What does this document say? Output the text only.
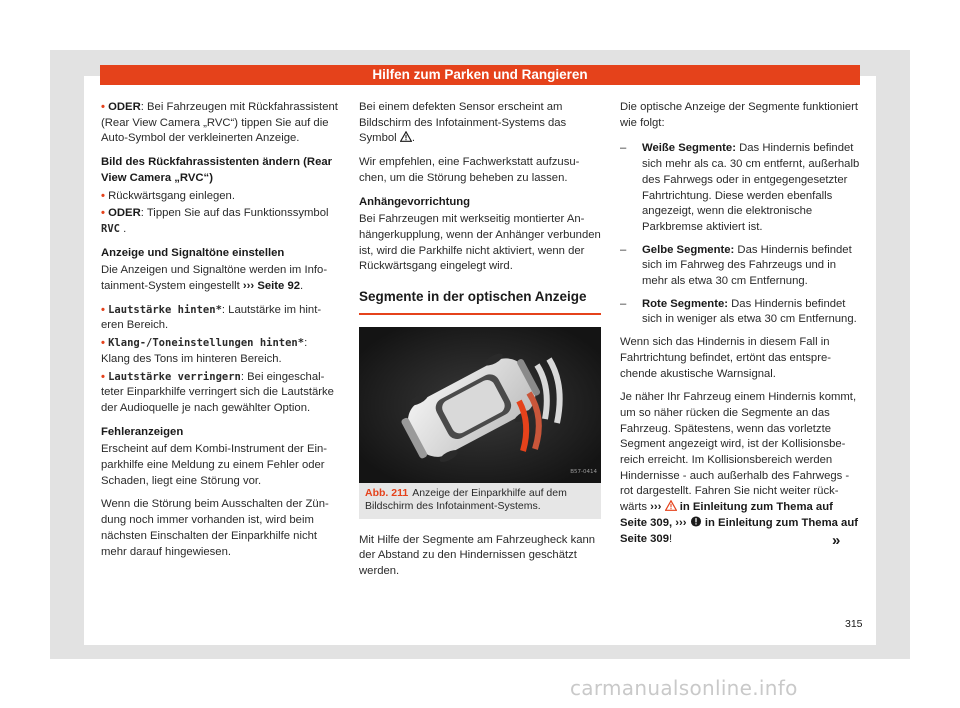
Hilfen zum Parken und Rangieren

• ODER: Bei Fahrzeugen mit Rückfahrassistent (Rear View Camera „RVC“) tippen Sie auf die Auto-Symbol der verkleinerten Anzeige.

Bild des Rückfahrassistenten ändern (Rear View Camera „RVC“)

• Rückwärtsgang einlegen.

• ODER: Tippen Sie auf das Funktionssymbol
RVC .

Anzeige und Signaltöne einstellen

Die Anzeigen und Signaltöne werden im Infotainment-System eingestellt ››› Seite 92.

• Lautstärke hinten*: Lautstärke im hinteren Bereich.

• Klang-/Toneinstellungen hinten*: Klang des Tons im hinteren Bereich.

• Lautstärke verringern: Bei eingeschalteter Einparkhilfe verringert sich die Lautstärke der Audioquelle je nach gewählter Option.

Fehleranzeigen

Erscheint auf dem Kombi-Instrument der Einparkhilfe eine Meldung zu einem Fehler oder Schaden, liegt eine Störung vor.

Wenn die Störung beim Ausschalten der Zündung noch immer vorhanden ist, wird beim nächsten Einschalten der Einparkhilfe nicht mehr darauf hingewiesen.

Bei einem defekten Sensor erscheint am Bildschirm des Infotainment-Systems das Symbol .

Wir empfehlen, eine Fachwerkstatt aufzusuchen, um die Störung beheben zu lassen.

Anhängevorrichtung

Bei Fahrzeugen mit werkseitig montierter Anhängerkupplung, wenn der Anhänger verbunden ist, wird die Parkhilfe nicht aktiviert, wenn der Rückwärtsgang eingelegt wird.

Segmente in der optischen Anzeige
B57-0414
Abb. 211 Anzeige der Einparkhilfe auf dem Bildschirm des Infotainment-Systems.

Mit Hilfe der Segmente am Fahrzeugheck kann der Abstand zu den Hindernissen geschätzt werden.

Die optische Anzeige der Segmente funktioniert wie folgt:

–	Weiße Segmente: Das Hindernis befindet sich mehr als ca. 30 cm entfernt, außerhalb des Fahrwegs oder in entgegengesetzter Fahrtrichtung. Diese werden ebenfalls angezeigt, wenn die elektronische Parkbremse aktiviert ist.
–	Gelbe Segmente: Das Hindernis befindet sich im Fahrweg des Fahrzeugs und in mehr als etwa 30 cm Entfernung.
–	Rote Segmente: Das Hindernis befindet sich in weniger als etwa 30 cm Entfernung.

Wenn sich das Hindernis in diesem Fall in Fahrtrichtung befindet, ertönt das entsprechende akustische Warnsignal.

Je näher Ihr Fahrzeug einem Hindernis kommt, um so näher rücken die Segmente an das Fahrzeug. Spätestens, wenn das vorletzte Segment angezeigt wird, ist der Kollisionsbereich erreicht. Im Kollisionsbereich werden Hindernisse - auch außerhalb des Fahrwegs - rot dargestellt. Fahren Sie nicht weiter rückwärts ››› in Einleitung zum Thema auf Seite 309, ››› in Einleitung zum Thema auf Seite 309!	»
315
carmanualsonline.info
